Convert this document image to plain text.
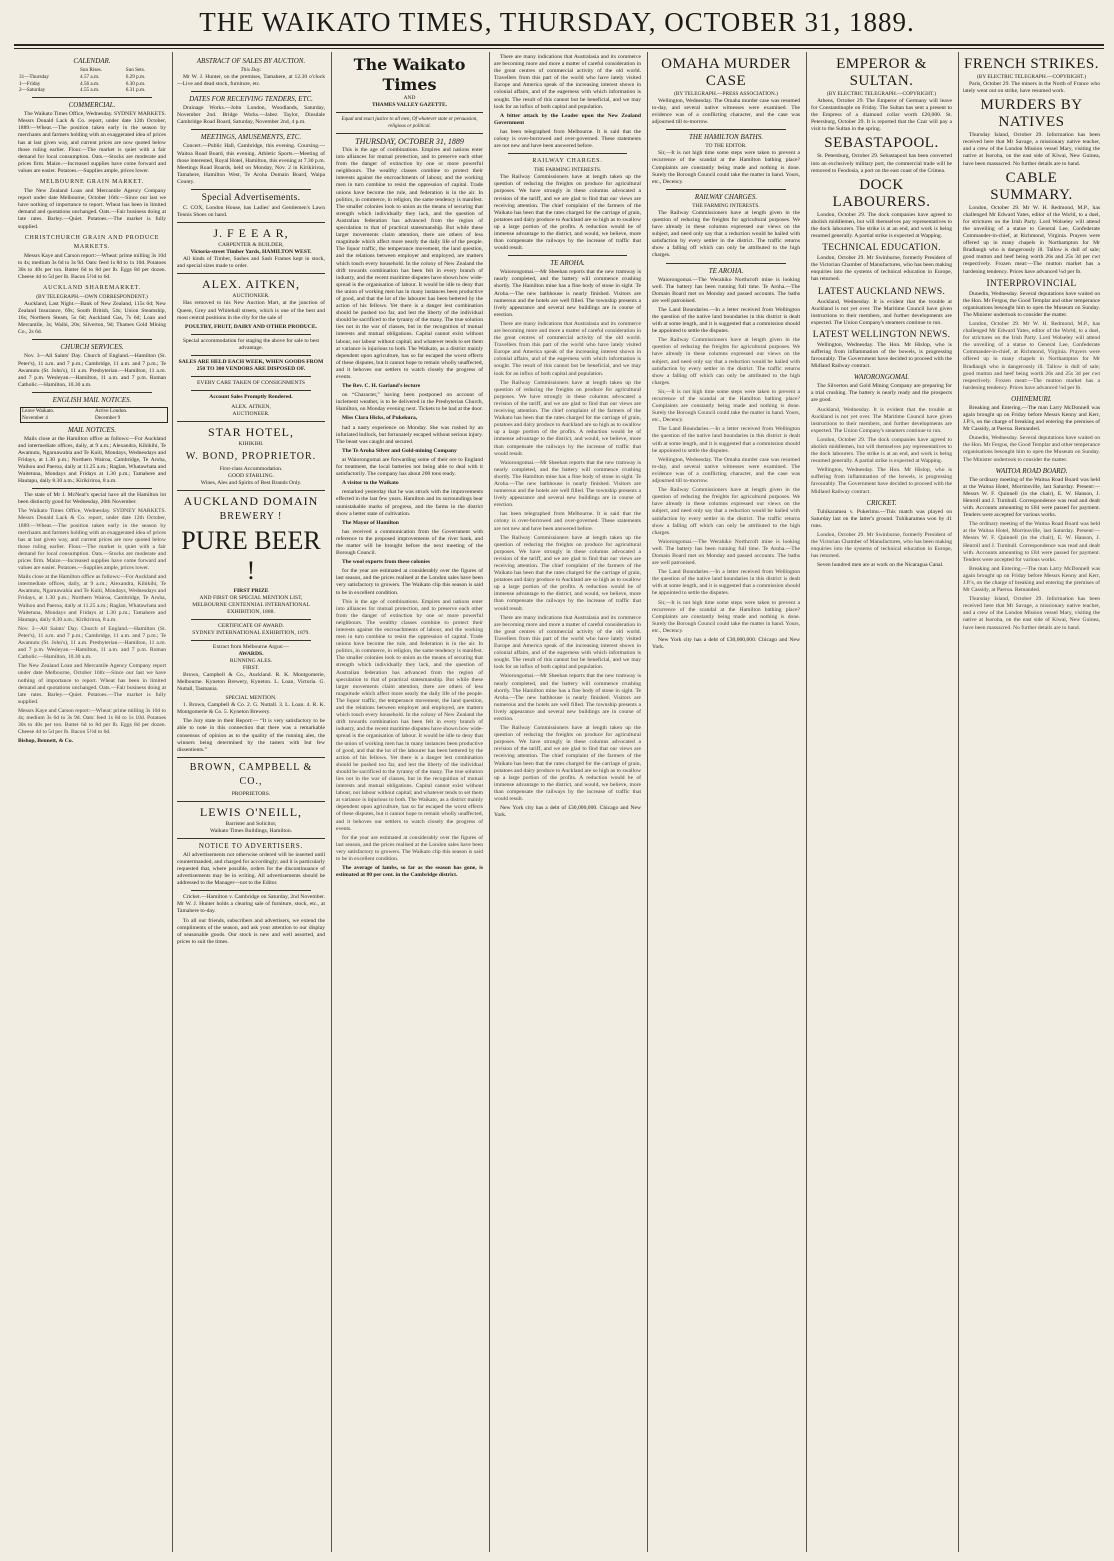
THE WAIKATO TIMES, THURSDAY, OCTOBER 31, 1889.
CALENDAR.
	Sun Rises.	Sun Sets.
31—Thursday	4.57 a.m.	6.29 p.m.
1—Friday	4.56 a.m.	6.30 p.m.
2—Saturday	4.55 a.m.	6.31 p.m.
COMMERCIAL.

The Waikato Times Office, Wednesday. SYDNEY MARKETS. Messrs Donald Lack & Co. report, under date 12th October, 1889:—Wheat.—The position taken early in the season by merchants and farmers holding with an exaggerated idea of prices has at last given way, and current prices are now quoted below those ruling earlier. Flour.—The market is quiet with a fair demand for local consumption. Oats.—Stocks are moderate and prices firm. Maize.—Increased supplies have come forward and values are easier. Potatoes.—Supplies ample, prices lower.

MELBOURNE GRAIN MARKET.

The New Zealand Loan and Mercantile Agency Company report under date Melbourne, October 16th:—Since our last we have nothing of importance to report. Wheat has been in limited demand and quotations unchanged. Oats.—Fair business doing at late rates. Barley.—Quiet. Potatoes.—The market is fully supplied.

CHRISTCHURCH GRAIN AND PRODUCE MARKETS.

Messrs Kaye and Carson report:—Wheat: prime milling 3s 10d to 4s; medium 3s 6d to 3s 9d. Oats: feed 1s 8d to 1s 10d. Potatoes 30s to 40s per ton. Butter 6d to 8d per lb. Eggs 8d per dozen. Cheese 4d to 5d per lb. Bacon 5½d to 6d.

AUCKLAND SHAREMARKET.
(BY TELEGRAPH.—OWN CORRESPONDENT.)

Auckland, Last Night.—Bank of New Zealand, 115s 6d; New Zealand Insurance, 69s; South British, 54s; Union Steamship, 16s; Northern Steam, 5s 6d; Auckland Gas, 7s 6d; Loan and Mercantile, 3s; Waihi, 20s; Silverton, 9d; Thames Gold Mining Co., 2s 6d.

CHURCH SERVICES.

Nov. 3—All Saints' Day. Church of England.—Hamilton (St. Peter's), 11 a.m. and 7 p.m.; Cambridge, 11 a.m. and 7 p.m.; Te Awamutu (St. John's), 11 a.m. Presbyterian.—Hamilton, 11 a.m. and 7 p.m. Wesleyan.—Hamilton, 11 a.m. and 7 p.m. Roman Catholic.—Hamilton, 10.30 a.m.

ENGLISH MAIL NOTICES.
Leave Waikato.	Arrive London.
November 4	December 9
MAIL NOTICES.

Mails close at the Hamilton office as follows:—For Auckland and intermediate offices, daily, at 9 a.m.; Alexandra, Kihikihi, Te Awamutu, Ngaruawahia and Te Kuiti, Mondays, Wednesdays and Fridays, at 1.30 p.m.; Northern Wairoa, Cambridge, Te Aroha, Waihou and Paeroa, daily at 11.25 a.m.; Raglan, Whatawhata and Waitetuna, Mondays and Fridays at 1.30 p.m.; Tamahere and Hautapu, daily 8.30 a.m.; Kirikiriroa, 8 a.m.

The state of Mr J. McNeal's special have all the Hamilton lot been distinctly good for Wednesday, 20th November.

The Waikato Times Office, Wednesday. SYDNEY MARKETS. Messrs Donald Lack & Co. report, under date 12th October, 1889:—Wheat.—The position taken early in the season by merchants and farmers holding with an exaggerated idea of prices has at last given way, and current prices are now quoted below those ruling earlier. Flour.—The market is quiet with a fair demand for local consumption. Oats.—Stocks are moderate and prices firm. Maize.—Increased supplies have come forward and values are easier. Potatoes.—Supplies ample, prices lower.

Mails close at the Hamilton office as follows:—For Auckland and intermediate offices, daily, at 9 a.m.; Alexandra, Kihikihi, Te Awamutu, Ngaruawahia and Te Kuiti, Mondays, Wednesdays and Fridays, at 1.30 p.m.; Northern Wairoa, Cambridge, Te Aroha, Waihou and Paeroa, daily at 11.25 a.m.; Raglan, Whatawhata and Waitetuna, Mondays and Fridays at 1.30 p.m.; Tamahere and Hautapu, daily 8.30 a.m.; Kirikiriroa, 8 a.m.

Nov. 3—All Saints' Day. Church of England.—Hamilton (St. Peter's), 11 a.m. and 7 p.m.; Cambridge, 11 a.m. and 7 p.m.; Te Awamutu (St. John's), 11 a.m. Presbyterian.—Hamilton, 11 a.m. and 7 p.m. Wesleyan.—Hamilton, 11 a.m. and 7 p.m. Roman Catholic.—Hamilton, 10.30 a.m.

The New Zealand Loan and Mercantile Agency Company report under date Melbourne, October 16th:—Since our last we have nothing of importance to report. Wheat has been in limited demand and quotations unchanged. Oats.—Fair business doing at late rates. Barley.—Quiet. Potatoes.—The market is fully supplied.

Messrs Kaye and Carson report:—Wheat: prime milling 3s 10d to 4s; medium 3s 6d to 3s 9d. Oats: feed 1s 8d to 1s 10d. Potatoes 30s to 40s per ton. Butter 6d to 8d per lb. Eggs 8d per dozen. Cheese 4d to 5d per lb. Bacon 5½d to 6d.

Bishop, Bennett, & Co.

ABSTRACT OF SALES BY AUCTION.
This Day.

Mr W. J. Hunter, on the premises, Tamahere, at 12.30 o'clock—Live and dead stock, furniture, etc.

DATES FOR RECEIVING TENDERS, ETC.

Drainage Works.—John London, Woodlands, Saturday, November 2nd. Bridge Works.—Jabez Taylor, Dinsdale Cambridge Road Board, Saturday, November 2nd, 4 p.m.

MEETINGS, AMUSEMENTS, ETC.

Concert.—Public Hall, Cambridge, this evening. Coursing.—Waitoa Road Board, this evening. Athletic Sports.—Meeting of those interested, Royal Hotel, Hamilton, this evening at 7.30 p.m. Meetings Road Boards, held on Monday, Nov. 2 in Kirikiriroa, Tamahere, Hamilton West, Te Aroha Domain Board, Waipa County.

Special Advertisements.

C. COX, London House, has Ladies' and Gentlemen's Lawn Tennis Shoes on hand.

J. F E E A R,
CARPENTER & BUILDER,
Victoria-street Timber Yards, HAMILTON WEST.

All kinds of Timber, Sashes and Sash Frames kept in stock, and special sizes made to order.

ALEX. AITKEN,
AUCTIONEER.

Has removed to his New Auction Mart, at the junction of Queen, Grey and Whitehall streets, which is one of the best and most central positions in the city for the sale of

POULTRY, FRUIT, DAIRY AND OTHER PRODUCE.

Special accommodation for staging the above for sale to best advantage.

SALES ARE HELD EACH WEEK, WHEN GOODS FROM 250 TO 300 VENDORS ARE DISPOSED OF.
EVERY CARE TAKEN OF CONSIGNMENTS
Account Sales Promptly Rendered.
ALEX. AITKEN,
AUCTIONEER.
STAR HOTEL,
KIHIKIHI.
W. BOND, PROPRIETOR.
First-class Accommodation.
GOOD STABLING.
Wines, Ales and Spirits of Best Brands Only.
AUCKLAND DOMAIN
BREWERY !
PURE BEER !
FIRST PRIZE
AND FIRST OR SPECIAL MENTION LIST,
MELBOURNE CENTENNIAL INTERNATIONAL EXHIBITION, 1888.
CERTIFICATE OF AWARD.
SYDNEY INTERNATIONAL EXHIBITION, 1879.
Extract from Melbourne Argus:—
AWARDS.
RUNNING ALES.
FIRST.

Brown, Campbell & Co., Auckland. R. K. Montgomerie, Melbourne. Kyneton Brewery, Kyneton. L. Loan, Victoria. G. Nuttall, Tasmania.

SPECIAL MENTION.

1. Brown, Campbell & Co. 2. G. Nuttall. 3. L. Loan. 4. R. K. Montgomerie & Co. 5. Kyneton Brewery.

The Jury state in their Report:— “It is very satisfactory to be able to note in this connection that there was a remarkable consensus of opinion as to the quality of the running ales, the winners being determined by the tasters with but few dissentients.”

BROWN, CAMPBELL & CO.,
PROPRIETORS.
LEWIS O'NEILL,
Barrister and Solicitor,
Waikato Times Buildings, Hamilton.
NOTICE TO ADVERTISERS.

All advertisements not otherwise ordered will be inserted until countermanded, and charged for accordingly; and it is particularly requested that, where possible, orders for the discontinuance of advertisements may be in writing. All advertisements should be addressed to the Manager—not to the Editor.

Cricket.—Hamilton v. Cambridge on Saturday, 2nd November. Mr W. J. Hunter holds a clearing sale of furniture, stock, etc., at Tamahere to-day.

To all our friends, subscribers and advertisers, we extend the compliments of the season, and ask your attention to our display of seasonable goods. Our stock is new and well assorted, and prices to suit the times.

The Waikato Times
AND
THAMES VALLEY GAZETTE.
Equal and exact justice to all men, Of whatever state or persuasion, religious or political.
THURSDAY, OCTOBER 31, 1889

This is the age of combinations. Empires and nations enter into alliances for mutual protection, and to preserve each other from the danger of extinction by one or more powerful neighbours. The wealthy classes combine to protect their interests against the encroachments of labour, and the working men in turn combine to resist the oppression of capital. Trade unions have become the rule, and federation is in the air. In politics, in commerce, in religion, the same tendency is manifest. The smaller colonies look to union as the means of securing that strength which individually they lack, and the question of Australian federation has advanced from the region of speculation to that of practical statesmanship. But while these larger movements claim attention, there are others of less magnitude which affect more nearly the daily life of the people. The liquor traffic, the temperance movement, the land question, and the relations between employer and employed, are matters which touch every household. In the colony of New Zealand the drift towards combination has been felt in every branch of industry, and the recent maritime disputes have shown how wide-spread is the organisation of labour. It would be idle to deny that the union of working men has in many instances been productive of good, and that the lot of the labourer has been bettered by the action of his fellows. Yet there is a danger lest combination should be pushed too far, and lest the liberty of the individual should be sacrificed to the tyranny of the many. The true solution lies not in the war of classes, but in the recognition of mutual interests and mutual obligations. Capital cannot exist without labour, nor labour without capital; and whatever tends to set them at variance is injurious to both. The Waikato, as a district mainly dependent upon agriculture, has so far escaped the worst effects of these disputes, but it cannot hope to remain wholly unaffected, and it behoves our settlers to watch closely the progress of events.

The Rev. C. H. Garland's lecture

on “Character,” having been postponed on account of inclement weather, is to be delivered in the Presbyterian Church, Hamilton, on Monday evening next. Tickets to be had at the door.

Miss Clara Hicks, of Pukekura,

had a nasty experience on Monday. She was rushed by an infuriated bullock, but fortunately escaped without serious injury. The beast was caught and secured.

The Te Aroha Silver and Gold-mining Company

at Waiorongomai are forwarding some of their ore to England for treatment, the local batteries not being able to deal with it satisfactorily. The company has about 200 tons ready.

A visitor to the Waikato

remarked yesterday that he was struck with the improvements effected in the last few years. Hamilton and its surroundings bear unmistakable marks of progress, and the farms in the district show a better state of cultivation.

The Mayor of Hamilton

has received a communication from the Government with reference to the proposed improvements of the river bank, and the matter will be brought before the next meeting of the Borough Council.

The wool exports from these colonies

for the year are estimated at considerably over the figures of last season, and the prices realised at the London sales have been very satisfactory to growers. The Waikato clip this season is said to be in excellent condition.

This is the age of combinations. Empires and nations enter into alliances for mutual protection, and to preserve each other from the danger of extinction by one or more powerful neighbours. The wealthy classes combine to protect their interests against the encroachments of labour, and the working men in turn combine to resist the oppression of capital. Trade unions have become the rule, and federation is in the air. In politics, in commerce, in religion, the same tendency is manifest. The smaller colonies look to union as the means of securing that strength which individually they lack, and the question of Australian federation has advanced from the region of speculation to that of practical statesmanship. But while these larger movements claim attention, there are others of less magnitude which affect more nearly the daily life of the people. The liquor traffic, the temperance movement, the land question, and the relations between employer and employed, are matters which touch every household. In the colony of New Zealand the drift towards combination has been felt in every branch of industry, and the recent maritime disputes have shown how wide-spread is the organisation of labour. It would be idle to deny that the union of working men has in many instances been productive of good, and that the lot of the labourer has been bettered by the action of his fellows. Yet there is a danger lest combination should be pushed too far, and lest the liberty of the individual should be sacrificed to the tyranny of the many. The true solution lies not in the war of classes, but in the recognition of mutual interests and mutual obligations. Capital cannot exist without labour, nor labour without capital; and whatever tends to set them at variance is injurious to both. The Waikato, as a district mainly dependent upon agriculture, has so far escaped the worst effects of these disputes, but it cannot hope to remain wholly unaffected, and it behoves our settlers to watch closely the progress of events.

for the year are estimated at considerably over the figures of last season, and the prices realised at the London sales have been very satisfactory to growers. The Waikato clip this season is said to be in excellent condition.

The average of lambs, so far as the season has gone, is estimated at 80 per cent. in the Cambridge district.

There are many indications that Australasia and its commerce are becoming more and more a matter of careful consideration in the great centres of commercial activity of the old world. Travellers from this part of the world who have lately visited Europe and America speak of the increasing interest shown in colonial affairs, and of the eagerness with which information is sought. The result of this cannot but be beneficial, and we may look for an influx of both capital and population.

A bitter attack by the Leader upon the New Zealand Government

has been telegraphed from Melbourne. It is said that the colony is over-borrowed and over-governed. These statements are not new and have been answered before.

RAILWAY CHARGES.
THE FARMING INTERESTS.

The Railway Commissioners have at length taken up the question of reducing the freights on produce for agricultural purposes. We have strongly in these columns advocated a revision of the tariff, and we are glad to find that our views are receiving attention. The chief complaint of the farmers of the Waikato has been that the rates charged for the carriage of grain, potatoes and dairy produce to Auckland are so high as to swallow up a large portion of the profits. A reduction would be of immense advantage to the district, and would, we believe, more than compensate the railways by the increase of traffic that would result.

TE AROHA.

Waiorongomai.—Mr Sheehan reports that the new tramway is nearly completed, and the battery will commence crushing shortly. The Hamilton mine has a fine body of stone in sight. Te Aroha.—The new bathhouse is nearly finished. Visitors are numerous and the hotels are well filled. The township presents a lively appearance and several new buildings are in course of erection.

There are many indications that Australasia and its commerce are becoming more and more a matter of careful consideration in the great centres of commercial activity of the old world. Travellers from this part of the world who have lately visited Europe and America speak of the increasing interest shown in colonial affairs, and of the eagerness with which information is sought. The result of this cannot but be beneficial, and we may look for an influx of both capital and population.

The Railway Commissioners have at length taken up the question of reducing the freights on produce for agricultural purposes. We have strongly in these columns advocated a revision of the tariff, and we are glad to find that our views are receiving attention. The chief complaint of the farmers of the Waikato has been that the rates charged for the carriage of grain, potatoes and dairy produce to Auckland are so high as to swallow up a large portion of the profits. A reduction would be of immense advantage to the district, and would, we believe, more than compensate the railways by the increase of traffic that would result.

Waiorongomai.—Mr Sheehan reports that the new tramway is nearly completed, and the battery will commence crushing shortly. The Hamilton mine has a fine body of stone in sight. Te Aroha.—The new bathhouse is nearly finished. Visitors are numerous and the hotels are well filled. The township presents a lively appearance and several new buildings are in course of erection.

has been telegraphed from Melbourne. It is said that the colony is over-borrowed and over-governed. These statements are not new and have been answered before.

The Railway Commissioners have at length taken up the question of reducing the freights on produce for agricultural purposes. We have strongly in these columns advocated a revision of the tariff, and we are glad to find that our views are receiving attention. The chief complaint of the farmers of the Waikato has been that the rates charged for the carriage of grain, potatoes and dairy produce to Auckland are so high as to swallow up a large portion of the profits. A reduction would be of immense advantage to the district, and would, we believe, more than compensate the railways by the increase of traffic that would result.

There are many indications that Australasia and its commerce are becoming more and more a matter of careful consideration in the great centres of commercial activity of the old world. Travellers from this part of the world who have lately visited Europe and America speak of the increasing interest shown in colonial affairs, and of the eagerness with which information is sought. The result of this cannot but be beneficial, and we may look for an influx of both capital and population.

Waiorongomai.—Mr Sheehan reports that the new tramway is nearly completed, and the battery will commence crushing shortly. The Hamilton mine has a fine body of stone in sight. Te Aroha.—The new bathhouse is nearly finished. Visitors are numerous and the hotels are well filled. The township presents a lively appearance and several new buildings are in course of erection.

The Railway Commissioners have at length taken up the question of reducing the freights on produce for agricultural purposes. We have strongly in these columns advocated a revision of the tariff, and we are glad to find that our views are receiving attention. The chief complaint of the farmers of the Waikato has been that the rates charged for the carriage of grain, potatoes and dairy produce to Auckland are so high as to swallow up a large portion of the profits. A reduction would be of immense advantage to the district, and would, we believe, more than compensate the railways by the increase of traffic that would result.

New York city has a debt of £30,000,000. Chicago and New York.

OMAHA MURDER CASE
(BY TELEGRAPH.—PRESS ASSOCIATION.)

Wellington, Wednesday. The Omaha murder case was resumed to-day, and several native witnesses were examined. The evidence was of a conflicting character, and the case was adjourned till to-morrow.

THE HAMILTON BATHS.
TO THE EDITOR.

Sir,—It is not high time some steps were taken to prevent a recurrence of the scandal at the Hamilton bathing place? Complaints are constantly being made and nothing is done. Surely the Borough Council could take the matter in hand. Yours, etc., Decency.

RAILWAY CHARGES.
THE FARMING INTERESTS.

The Railway Commissioners have at length given in the question of reducing the freights for agricultural purposes. We have already in these columns expressed our views on the subject, and need only say that a reduction would be hailed with satisfaction by every settler in the district. The traffic returns show a falling off which can only be attributed to the high charges.

TE AROHA.

Waiorongomai.—The Werahiko Northcroft mine is looking well. The battery has been running full time. Te Aroha.—The Domain Board met on Monday and passed accounts. The baths are well patronised.

The Land Boundaries.—In a letter received from Wellington the question of the native land boundaries in this district is dealt with at some length, and it is suggested that a commission should be appointed to settle the disputes.

The Railway Commissioners have at length given in the question of reducing the freights for agricultural purposes. We have already in these columns expressed our views on the subject, and need only say that a reduction would be hailed with satisfaction by every settler in the district. The traffic returns show a falling off which can only be attributed to the high charges.

Sir,—It is not high time some steps were taken to prevent a recurrence of the scandal at the Hamilton bathing place? Complaints are constantly being made and nothing is done. Surely the Borough Council could take the matter in hand. Yours, etc., Decency.

The Land Boundaries.—In a letter received from Wellington the question of the native land boundaries in this district is dealt with at some length, and it is suggested that a commission should be appointed to settle the disputes.

Wellington, Wednesday. The Omaha murder case was resumed to-day, and several native witnesses were examined. The evidence was of a conflicting character, and the case was adjourned till to-morrow.

The Railway Commissioners have at length given in the question of reducing the freights for agricultural purposes. We have already in these columns expressed our views on the subject, and need only say that a reduction would be hailed with satisfaction by every settler in the district. The traffic returns show a falling off which can only be attributed to the high charges.

Waiorongomai.—The Werahiko Northcroft mine is looking well. The battery has been running full time. Te Aroha.—The Domain Board met on Monday and passed accounts. The baths are well patronised.

The Land Boundaries.—In a letter received from Wellington the question of the native land boundaries in this district is dealt with at some length, and it is suggested that a commission should be appointed to settle the disputes.

Sir,—It is not high time some steps were taken to prevent a recurrence of the scandal at the Hamilton bathing place? Complaints are constantly being made and nothing is done. Surely the Borough Council could take the matter in hand. Yours, etc., Decency.

New York city has a debt of £30,000,000. Chicago and New York.

EMPEROR & SULTAN.
(BY ELECTRIC TELEGRAPH.—COPYRIGHT.)

Athens, October 29. The Emperor of Germany will leave for Constantinople on Friday. The Sultan has sent a present to the Empress of a diamond collar worth £20,000. St. Petersburg, October 29. It is reported that the Czar will pay a visit to the Sultan in the spring.

SEBASTAPOOL.

St. Petersburg, October 29. Sebastapool has been converted into an exclusively military port, the commercial trade will be removed to Feodosia, a port on the east coast of the Crimea.

DOCK LABOURERS.

London, October 29. The dock companies have agreed to abolish middlemen, but will themselves pay representatives to the dock labourers. The strike is at an end, and work is being resumed generally. A partial strike is expected at Wapping.

TECHNICAL EDUCATION.

London, October 29. Mr Swinburne, formerly President of the Victorian Chamber of Manufactures, who has been making enquiries into the systems of technical education in Europe, has returned.

LATEST AUCKLAND NEWS.

Auckland, Wednesday. It is evident that the trouble at Auckland is not yet over. The Maritime Council have given instructions to their members, and further developments are expected. The Union Company's steamers continue to run.

LATEST WELLINGTON NEWS.

Wellington, Wednesday. The Hon. Mr Hislop, who is suffering from inflammation of the bowels, is progressing favourably. The Government have decided to proceed with the Midland Railway contract.

WAIORONGOMAI.

The Silverton and Gold Mining Company are preparing for a trial crushing. The battery is nearly ready and the prospects are good.

Auckland, Wednesday. It is evident that the trouble at Auckland is not yet over. The Maritime Council have given instructions to their members, and further developments are expected. The Union Company's steamers continue to run.

London, October 29. The dock companies have agreed to abolish middlemen, but will themselves pay representatives to the dock labourers. The strike is at an end, and work is being resumed generally. A partial strike is expected at Wapping.

Wellington, Wednesday. The Hon. Mr Hislop, who is suffering from inflammation of the bowels, is progressing favourably. The Government have decided to proceed with the Midland Railway contract.

CRICKET.

Tuhikaramea v. Pukerimu.—This match was played on Saturday last on the latter's ground. Tuhikaramea won by 41 runs.

London, October 29. Mr Swinburne, formerly President of the Victorian Chamber of Manufactures, who has been making enquiries into the systems of technical education in Europe, has returned.

Seven hundred men are at work on the Nicaragua Canal.

FRENCH STRIKES.
(BY ELECTRIC TELEGRAPH.—COPYRIGHT.)

Paris, October 29. The miners in the North of France who lately went out on strike, have resumed work.

MURDERS BY NATIVES

Thursday Island, October 29. Information has been received here that Mr Savage, a missionary native teacher, and a crew of the London Mission vessel Mary, visiting the native at Isoroba, on the east side of Kiwai, New Guinea, have been massacred. No further details are to hand.

CABLE SUMMARY.

London, October 29. Mr W. H. Redmond, M.P., has challenged Mr Edward Yates, editor of the World, to a duel, for strictures on the Irish Party. Lord Wolseley will attend the unveiling of a statue to General Lee, Confederate Commander-in-chief, at Richmond, Virginia. Prayers were offered up in many chapels in Northampton for Mr Bradlaugh who is dangerously ill. Tallow is dull of sale; good mutton and beef being worth 26s and 25s 3d per cwt respectively. Frozen meat:—The mutton market has a hardening tendency. Prices have advanced ¼d per lb.

INTERPROVINCIAL

Dunedin, Wednesday. Several deputations have waited on the Hon. Mr Fergus, the Good Templar and other temperance organisations besought him to open the Museum on Sunday. The Minister undertook to consider the matter.

London, October 29. Mr W. H. Redmond, M.P., has challenged Mr Edward Yates, editor of the World, to a duel, for strictures on the Irish Party. Lord Wolseley will attend the unveiling of a statue to General Lee, Confederate Commander-in-chief, at Richmond, Virginia. Prayers were offered up in many chapels in Northampton for Mr Bradlaugh who is dangerously ill. Tallow is dull of sale; good mutton and beef being worth 26s and 25s 3d per cwt respectively. Frozen meat:—The mutton market has a hardening tendency. Prices have advanced ¼d per lb.

OHINEMURI.

Breaking and Entering.—The man Larry McDonnell was again brought up on Friday before Messrs Kenny and Kerr, J.P.'s, on the charge of breaking and entering the premises of Mr Cassidy, at Paeroa. Remanded.

Dunedin, Wednesday. Several deputations have waited on the Hon. Mr Fergus, the Good Templar and other temperance organisations besought him to open the Museum on Sunday. The Minister undertook to consider the matter.

WAITOA ROAD BOARD.

The ordinary meeting of the Waitoa Road Board was held at the Waitoa Hotel, Morrinsville, last Saturday. Present:—Messrs W. F. Quinnell (in the chair), E. W. Hanson, J. Henroll and J. Turnbull. Correspondence was read and dealt with. Accounts amounting to £84 were passed for payment. Tenders were accepted for various works.

The ordinary meeting of the Waitoa Road Board was held at the Waitoa Hotel, Morrinsville, last Saturday. Present:—Messrs W. F. Quinnell (in the chair), E. W. Hanson, J. Henroll and J. Turnbull. Correspondence was read and dealt with. Accounts amounting to £84 were passed for payment. Tenders were accepted for various works.

Breaking and Entering.—The man Larry McDonnell was again brought up on Friday before Messrs Kenny and Kerr, J.P.'s, on the charge of breaking and entering the premises of Mr Cassidy, at Paeroa. Remanded.

Thursday Island, October 29. Information has been received here that Mr Savage, a missionary native teacher, and a crew of the London Mission vessel Mary, visiting the native at Isoroba, on the east side of Kiwai, New Guinea, have been massacred. No further details are to hand.
